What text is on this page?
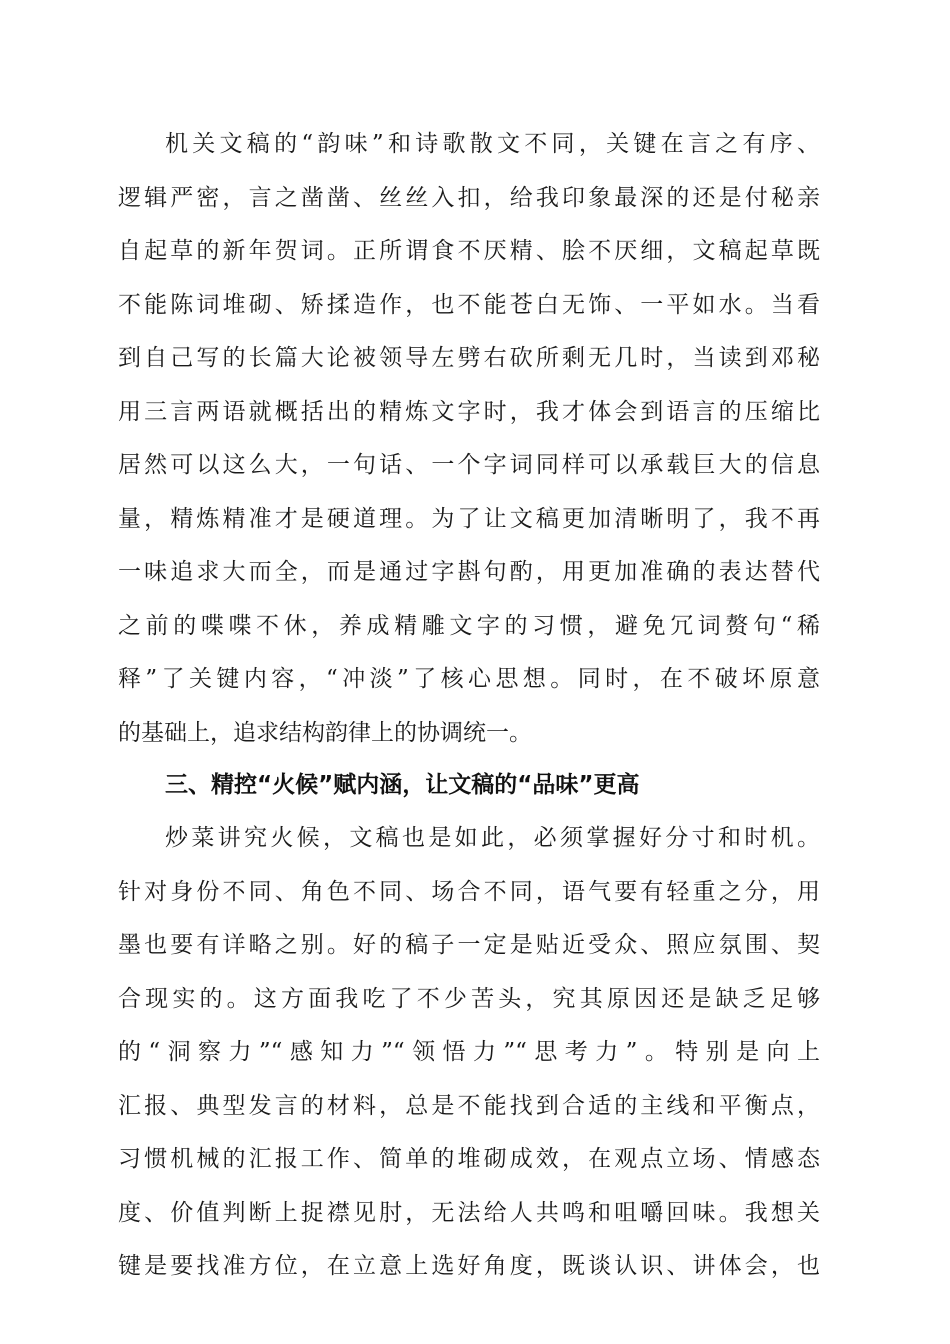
机关文稿的“韵味”和诗歌散文不同，关键在言之有序、
逻辑严密，言之凿凿、丝丝入扣，给我印象最深的还是付秘亲
自起草的新年贺词。正所谓食不厌精、脍不厌细，文稿起草既
不能陈词堆砌、矫揉造作，也不能苍白无饰、一平如水。当看
到自己写的长篇大论被领导左劈右砍所剩无几时，当读到邓秘
用三言两语就概括出的精炼文字时，我才体会到语言的压缩比
居然可以这么大，一句话、一个字词同样可以承载巨大的信息
量，精炼精准才是硬道理。为了让文稿更加清晰明了，我不再
一味追求大而全，而是通过字斟句酌，用更加准确的表达替代
之前的喋喋不休，养成精雕文字的习惯，避免冗词赘句“稀
释”了关键内容，“冲淡”了核心思想。同时，在不破坏原意
的基础上，追求结构韵律上的协调统一。
三、精控“火候”赋内涵，让文稿的“品味”更高
炒菜讲究火候，文稿也是如此，必须掌握好分寸和时机。
针对身份不同、角色不同、场合不同，语气要有轻重之分，用
墨也要有详略之别。好的稿子一定是贴近受众、照应氛围、契
合现实的。这方面我吃了不少苦头，究其原因还是缺乏足够
的“洞察力”“感知力”“领悟力”“思考力”。特别是向上
汇报、典型发言的材料，总是不能找到合适的主线和平衡点，
习惯机械的汇报工作、简单的堆砌成效，在观点立场、情感态
度、价值判断上捉襟见肘，无法给人共鸣和咀嚼回味。我想关
键是要找准方位，在立意上选好角度，既谈认识、讲体会，也
